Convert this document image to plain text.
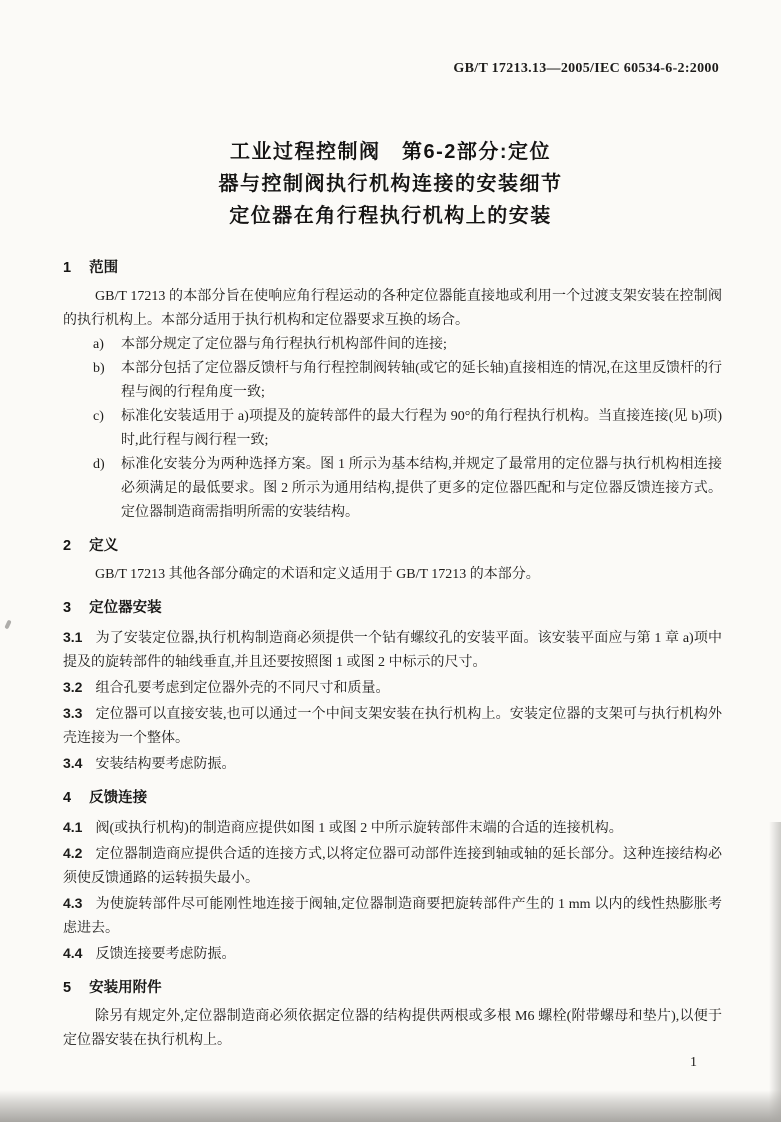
GB/T 17213.13—2005/IEC 60534-6-2:2000
工业过程控制阀　第6-2部分:定位
器与控制阀执行机构连接的安装细节
定位器在角行程执行机构上的安装
1 范围

GB/T 17213 的本部分旨在使响应角行程运动的各种定位器能直接地或利用一个过渡支架安装在控制阀的执行机构上。本部分适用于执行机构和定位器要求互换的场合。

a) 本部分规定了定位器与角行程执行机构部件间的连接;
b) 本部分包括了定位器反馈杆与角行程控制阀转轴(或它的延长轴)直接相连的情况,在这里反馈杆的行程与阀的行程角度一致;
c) 标准化安装适用于 a)项提及的旋转部件的最大行程为 90°的角行程执行机构。当直接连接(见 b)项)时,此行程与阀行程一致;
d) 标准化安装分为两种选择方案。图 1 所示为基本结构,并规定了最常用的定位器与执行机构相连接必须满足的最低要求。图 2 所示为通用结构,提供了更多的定位器匹配和与定位器反馈连接方式。定位器制造商需指明所需的安装结构。
2 定义

GB/T 17213 其他各部分确定的术语和定义适用于 GB/T 17213 的本部分。

3 定位器安装

3.1 为了安装定位器,执行机构制造商必须提供一个钻有螺纹孔的安装平面。该安装平面应与第 1 章 a)项中提及的旋转部件的轴线垂直,并且还要按照图 1 或图 2 中标示的尺寸。

3.2 组合孔要考虑到定位器外壳的不同尺寸和质量。

3.3 定位器可以直接安装,也可以通过一个中间支架安装在执行机构上。安装定位器的支架可与执行机构外壳连接为一个整体。

3.4 安装结构要考虑防振。

4 反馈连接

4.1 阀(或执行机构)的制造商应提供如图 1 或图 2 中所示旋转部件末端的合适的连接机构。

4.2 定位器制造商应提供合适的连接方式,以将定位器可动部件连接到轴或轴的延长部分。这种连接结构必须使反馈通路的运转损失最小。

4.3 为使旋转部件尽可能刚性地连接于阀轴,定位器制造商要把旋转部件产生的 1 mm 以内的线性热膨胀考虑进去。

4.4 反馈连接要考虑防振。

5 安装用附件

除另有规定外,定位器制造商必须依据定位器的结构提供两根或多根 M6 螺栓(附带螺母和垫片),以便于定位器安装在执行机构上。

1
